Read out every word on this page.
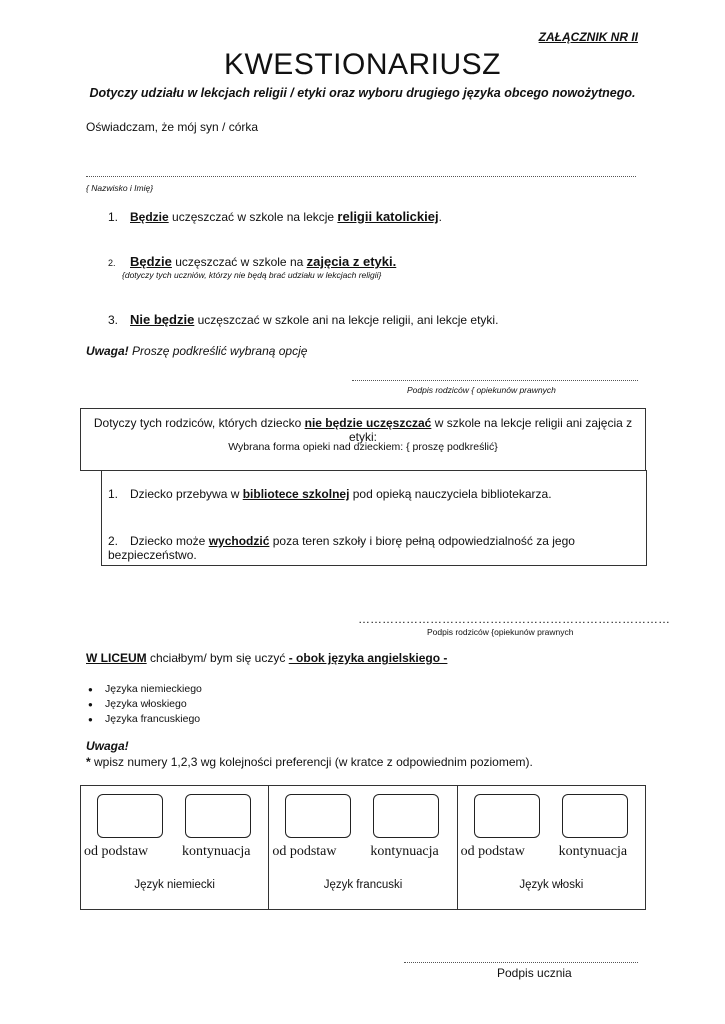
ZAŁĄCZNIK NR II
KWESTIONARIUSZ
Dotyczy udziału w lekcjach religii / etyki oraz wyboru drugiego języka obcego nowożytnego.
Oświadczam, że mój syn / córka
{ Nazwisko i Imię}
1. Będzie uczęszczać w szkole na lekcje religii katolickiej.
2. Będzie uczęszczać w szkole na zajęcia z etyki.
{dotyczy tych uczniów, którzy nie będą brać udziału w lekcjach religii}
3. Nie będzie uczęszczać w szkole ani na lekcje religii, ani lekcje etyki.
Uwaga! Proszę podkreślić wybraną opcję
Podpis rodziców { opiekunów prawnych
Dotyczy tych rodziców, których dziecko nie będzie uczęszczać w szkole na lekcje religii ani zajęcia z etyki:
Wybrana forma opieki nad dzieckiem: { proszę podkreślić}
1. Dziecko przebywa w bibliotece szkolnej pod opieką nauczyciela bibliotekarza.
2. Dziecko może wychodzić poza teren szkoły i biorę pełną odpowiedzialność za jego bezpieczeństwo.
……………………………………………………………………
Podpis rodziców {opiekunów prawnych
W LICEUM chciałbym/ bym się uczyć - obok języka angielskiego -
● Języka niemieckiego
● Języka włoskiego
● Języka francuskiego
Uwaga!
* wpisz numery 1,2,3 wg kolejności preferencji (w kratce z odpowiednim poziomem).
od podstaw kontynuacja
Język niemiecki
od podstaw kontynuacja
Język francuski
od podstaw kontynuacja
Język włoski
Podpis ucznia
